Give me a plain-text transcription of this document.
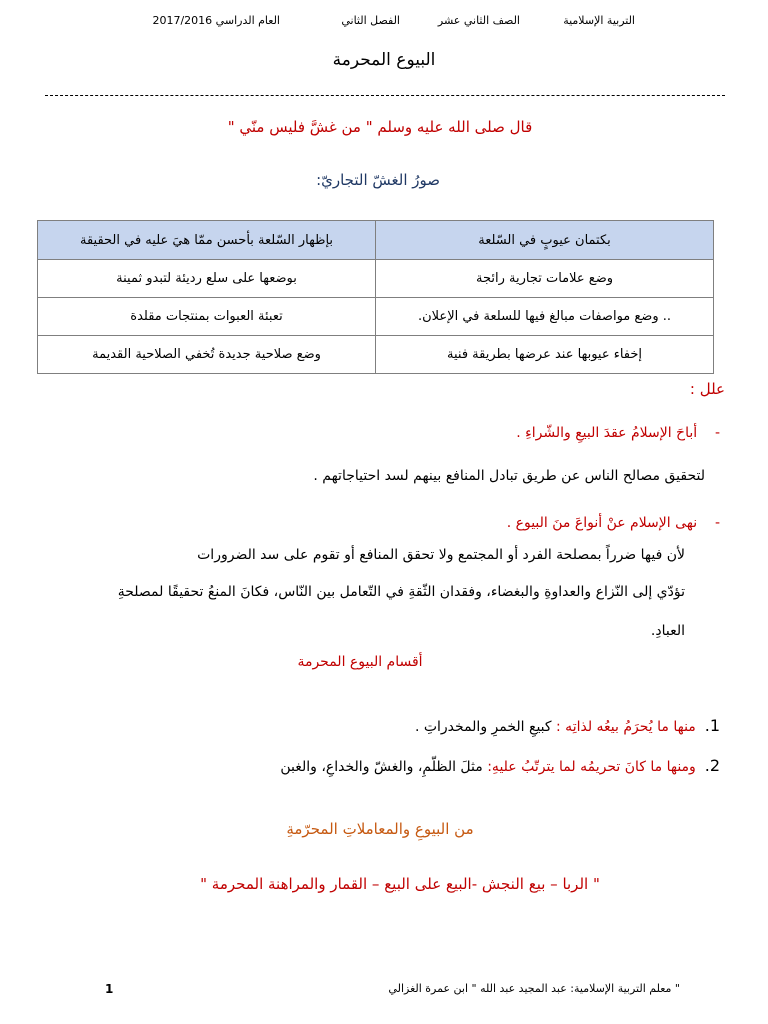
التربية الإسلامية
الصف الثاني عشر
الفصل الثاني
العام الدراسي 2017/2016
البيوع المحرمة
قال صلى الله عليه وسلم " من غشَّ فليس منّي "
صورُ الغشّ التجاريّ:
بكتمان عيوبٍ في السّلعة	بإظهار السّلعة بأحسن ممّا هيَ عليه في الحقيقة
وضع علامات تجارية رائجة	بوضعها على سلع رديئة لتبدو ثمينة
.. وضع مواصفات مبالغ فيها للسلعة في الإعلان.	تعبئة العبوات بمنتجات مقلدة
إخفاء عيوبها عند عرضها بطريقة فنية	وضع صلاحية جديدة تُخفي الصلاحية القديمة
علل :
-    أباحَ الإسلامُ عقدَ البيعِ والشّراءِ .
لتحقيق مصالح الناس عن طريق تبادل المنافع بينهم لسد احتياجاتهم .
-    نهى الإسلام عنْ أنواعَ منَ البيوع .
لأن فيها ضرراً بمصلحة الفرد أو المجتمع ولا تحقق المنافع أو تقوم على سد الضرورات
تؤدّي إلى النّزاع والعداوةِ والبغضاء، وفقدان الثّقةِ في التّعامل بين النّاس، فكانَ المنعُ تحقيقًا لمصلحةِ
العبادِ.
أقسام البيوع المحرمة
1.  منها ما يُحرَمُ بيعُه لذاتِه : كبيعِ الخمرِ والمخدراتِ .
2.  ومنها ما كانَ تحريمُه لما يترتّبُ عليهِ: مثلَ الظلّمِ، والغشّ والخداعِ، والغبن
من البيوعِ والمعاملاتِ المحرّمةِ
" الربا – بيع النجش -البيع على البيع – القمار والمراهنة المحرمة "
1	" معلم التربية الإسلامية: عبد المجيد عبد الله " ابن عمرة الغزالي
